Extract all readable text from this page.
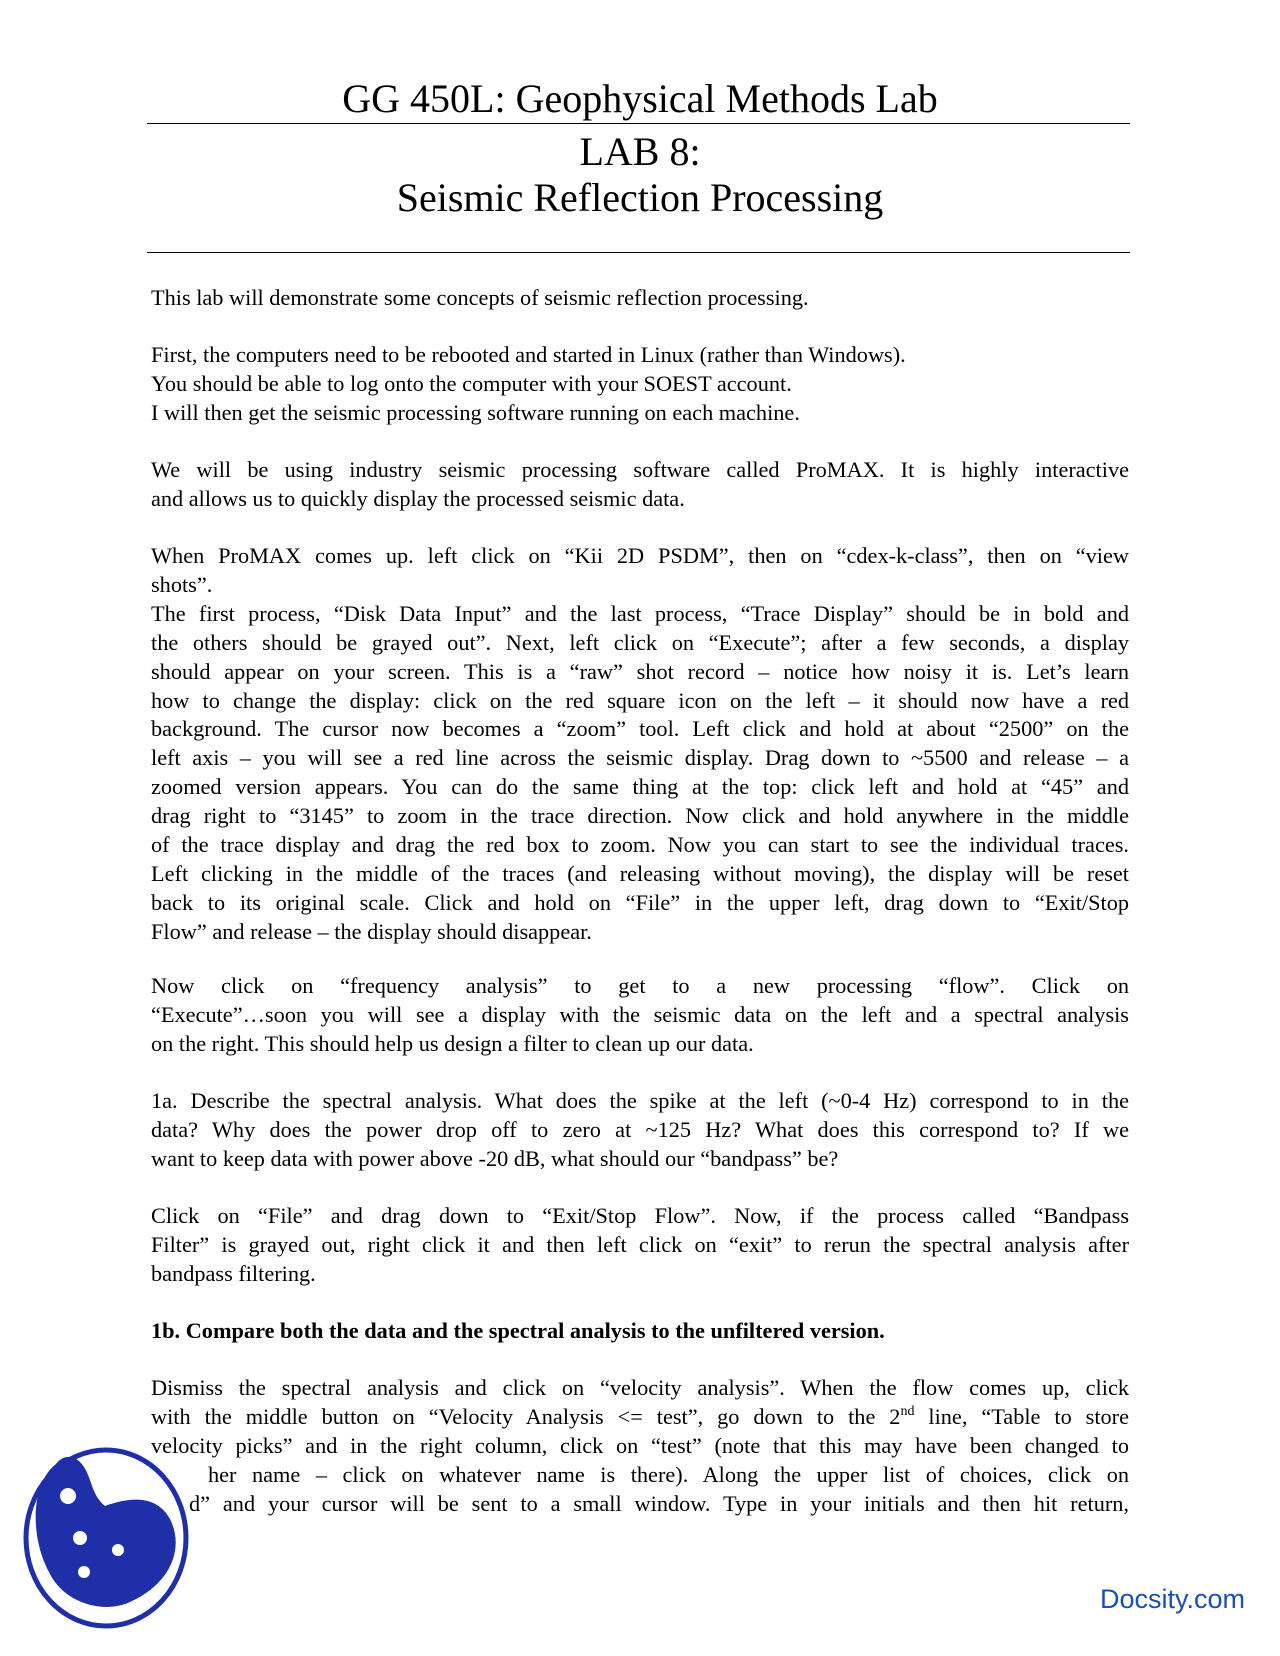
GG 450L: Geophysical Methods Lab
LAB 8:
Seismic Reflection Processing
This lab will demonstrate some concepts of seismic reflection processing.
First, the computers need to be rebooted and started in Linux (rather than Windows).
You should be able to log onto the computer with your SOEST account.
I will then get the seismic processing software running on each machine.
We will be using industry seismic processing software called ProMAX. It is highly interactive
and allows us to quickly display the processed seismic data.
When ProMAX comes up. left click on “Kii 2D PSDM”, then on “cdex-k-class”, then on “view
shots”.
The first process, “Disk Data Input” and the last process, “Trace Display” should be in bold and
the others should be grayed out”. Next, left click on “Execute”; after a few seconds, a display
should appear on your screen. This is a “raw” shot record – notice how noisy it is. Let’s learn
how to change the display: click on the red square icon on the left – it should now have a red
background. The cursor now becomes a “zoom” tool. Left click and hold at about “2500” on the
left axis – you will see a red line across the seismic display. Drag down to ~5500 and release – a
zoomed version appears. You can do the same thing at the top: click left and hold at “45” and
drag right to “3145” to zoom in the trace direction. Now click and hold anywhere in the middle
of the trace display and drag the red box to zoom. Now you can start to see the individual traces.
Left clicking in the middle of the traces (and releasing without moving), the display will be reset
back to its original scale. Click and hold on “File” in the upper left, drag down to “Exit/Stop
Flow” and release – the display should disappear.
Now click on “frequency analysis” to get to a new processing “flow”. Click on
“Execute”…soon you will see a display with the seismic data on the left and a spectral analysis
on the right. This should help us design a filter to clean up our data.
1a. Describe the spectral analysis. What does the spike at the left (~0-4 Hz) correspond to in the
data? Why does the power drop off to zero at ~125 Hz? What does this correspond to? If we
want to keep data with power above -20 dB, what should our “bandpass” be?
Click on “File” and drag down to “Exit/Stop Flow”. Now, if the process called “Bandpass
Filter” is grayed out, right click it and then left click on “exit” to rerun the spectral analysis after
bandpass filtering.
1b. Compare both the data and the spectral analysis to the unfiltered version.
Dismiss the spectral analysis and click on “velocity analysis”. When the flow comes up, click
with the middle button on “Velocity Analysis <= test”, go down to the 2nd line, “Table to store
velocity picks” and in the right column, click on “test” (note that this may have been changed to
her name – click on whatever name is there). Along the upper list of choices, click on
d” and your cursor will be sent to a small window. Type in your initials and then hit return,
Docsity.com
